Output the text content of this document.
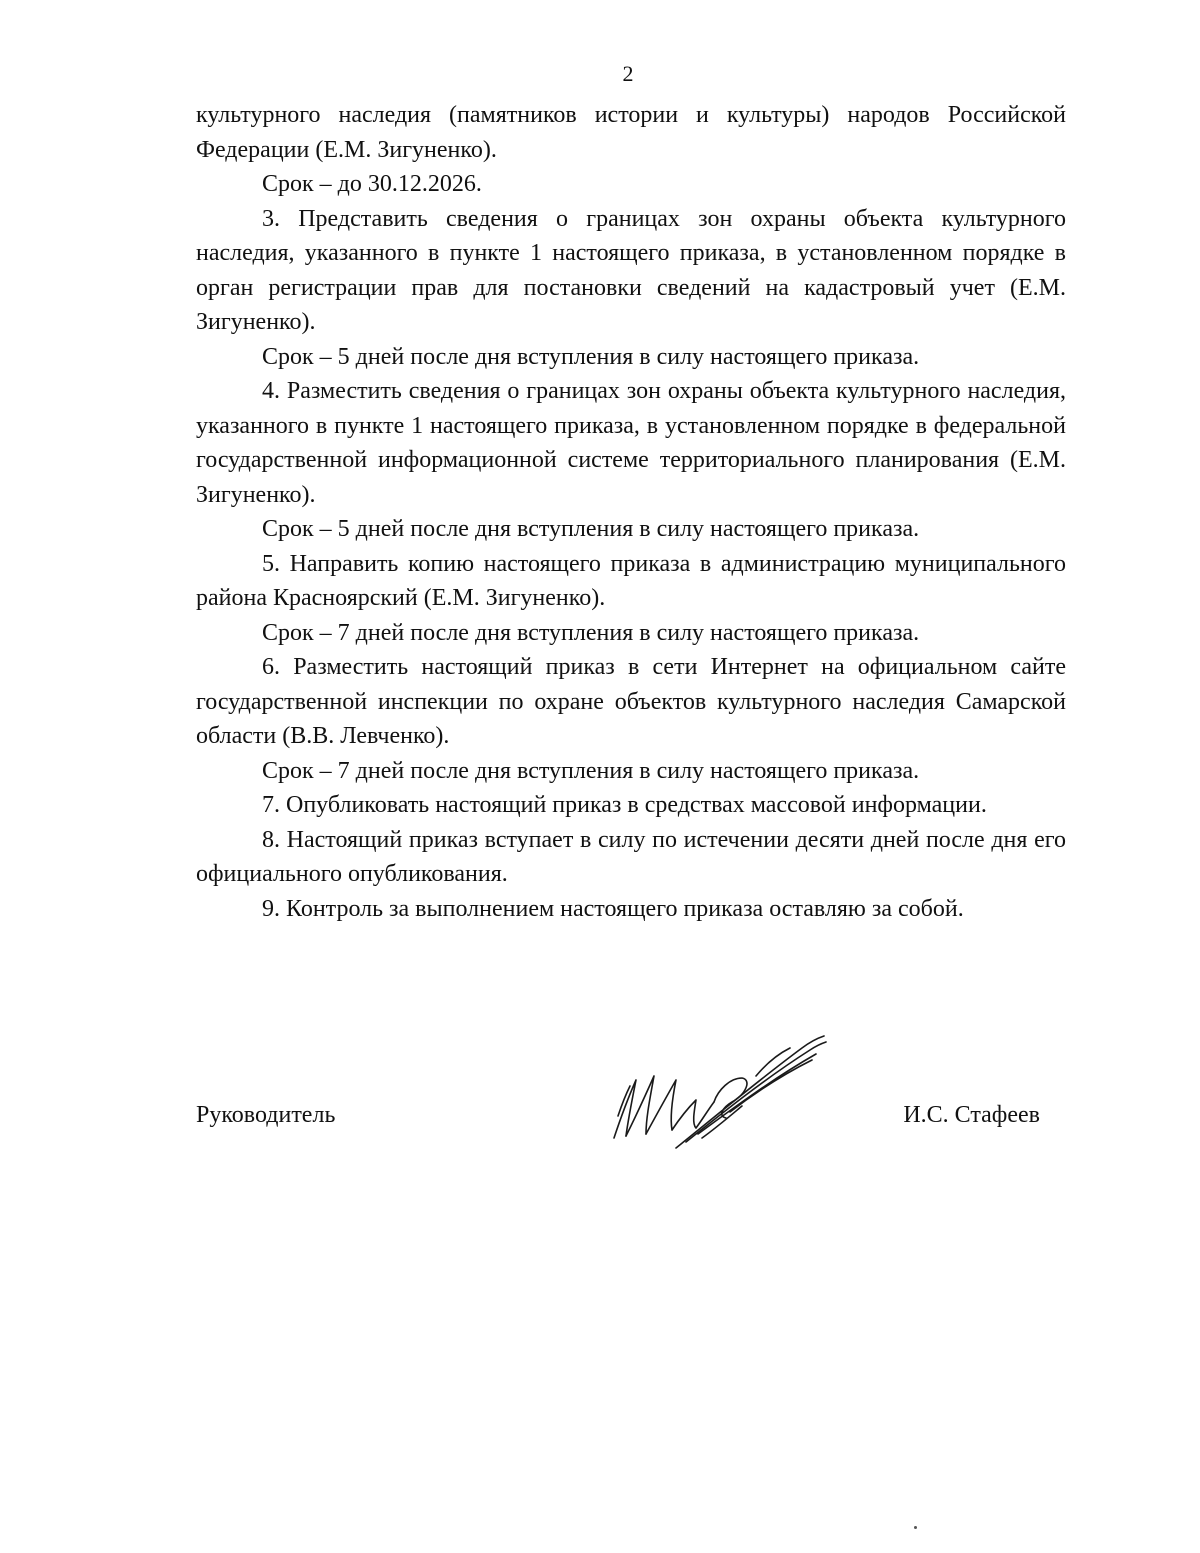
2

культурного наследия (памятников истории и культуры) народов Российской Федерации (Е.М. Зигуненко).

Срок – до 30.12.2026.

3. Представить сведения о границах зон охраны объекта культурного наследия, указанного в пункте 1 настоящего приказа, в установленном порядке в орган регистрации прав для постановки сведений на кадастровый учет (Е.М. Зигуненко).

Срок – 5 дней после дня вступления в силу настоящего приказа.

4. Разместить сведения о границах зон охраны объекта культурного наследия, указанного в пункте 1 настоящего приказа, в установленном порядке в федеральной государственной информационной системе территориального планирования (Е.М. Зигуненко).

Срок – 5 дней после дня вступления в силу настоящего приказа.

5. Направить копию настоящего приказа в администрацию муниципального района Красноярский (Е.М. Зигуненко).

Срок – 7 дней после дня вступления в силу настоящего приказа.

6. Разместить настоящий приказ в сети Интернет на официальном сайте государственной инспекции по охране объектов культурного наследия Самарской области (В.В. Левченко).

Срок – 7 дней после дня вступления в силу настоящего приказа.

7. Опубликовать настоящий приказ в средствах массовой информации.

8. Настоящий приказ вступает в силу по истечении десяти дней после дня его официального опубликования.

9. Контроль за выполнением настоящего приказа оставляю за собой.

Руководитель	И.С. Стафеев
